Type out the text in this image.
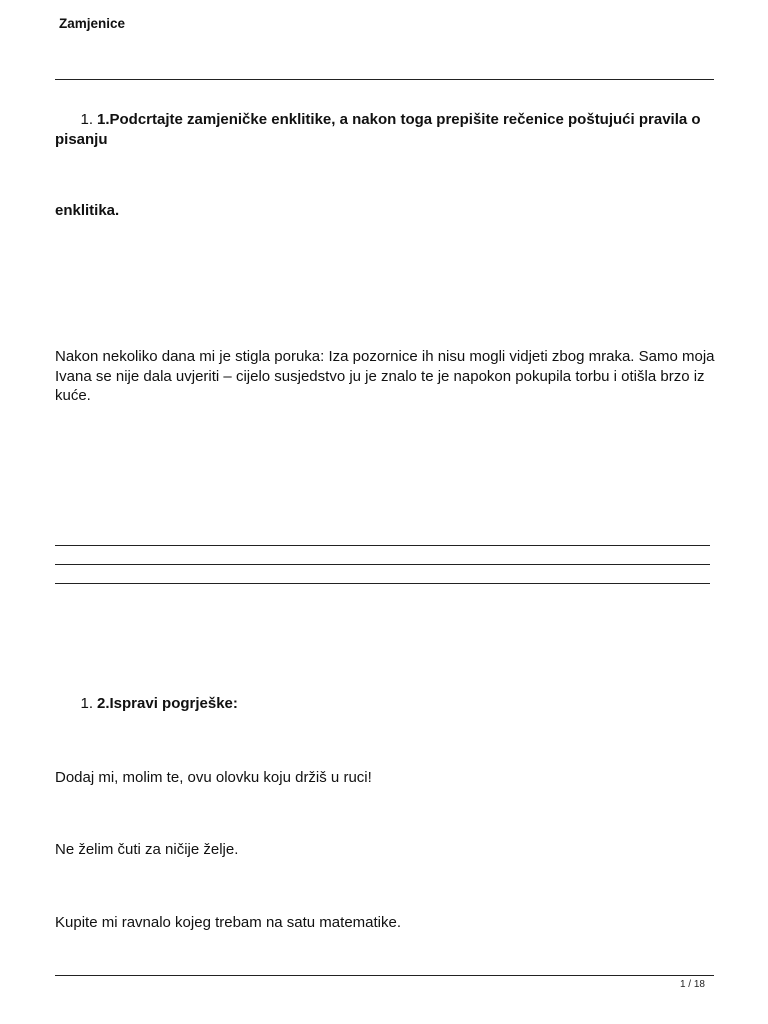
Zamjenice
1. 1.Podcrtajte zamjeničke enklitike, a nakon toga prepišite rečenice poštujući pravila o pisanju
enklitika.
Nakon nekoliko dana mi je stigla poruka: Iza pozornice ih nisu mogli vidjeti zbog mraka. Samo moja Ivana se nije dala uvjeriti – cijelo susjedstvo ju je znalo te je napokon pokupila torbu i otišla brzo iz kuće.
1. 2.Ispravi pogrješke:
Dodaj mi, molim te, ovu olovku koju držiš u ruci!
Ne želim čuti za ničije želje.
Kupite mi ravnalo kojeg trebam na satu matematike.
1 / 18
